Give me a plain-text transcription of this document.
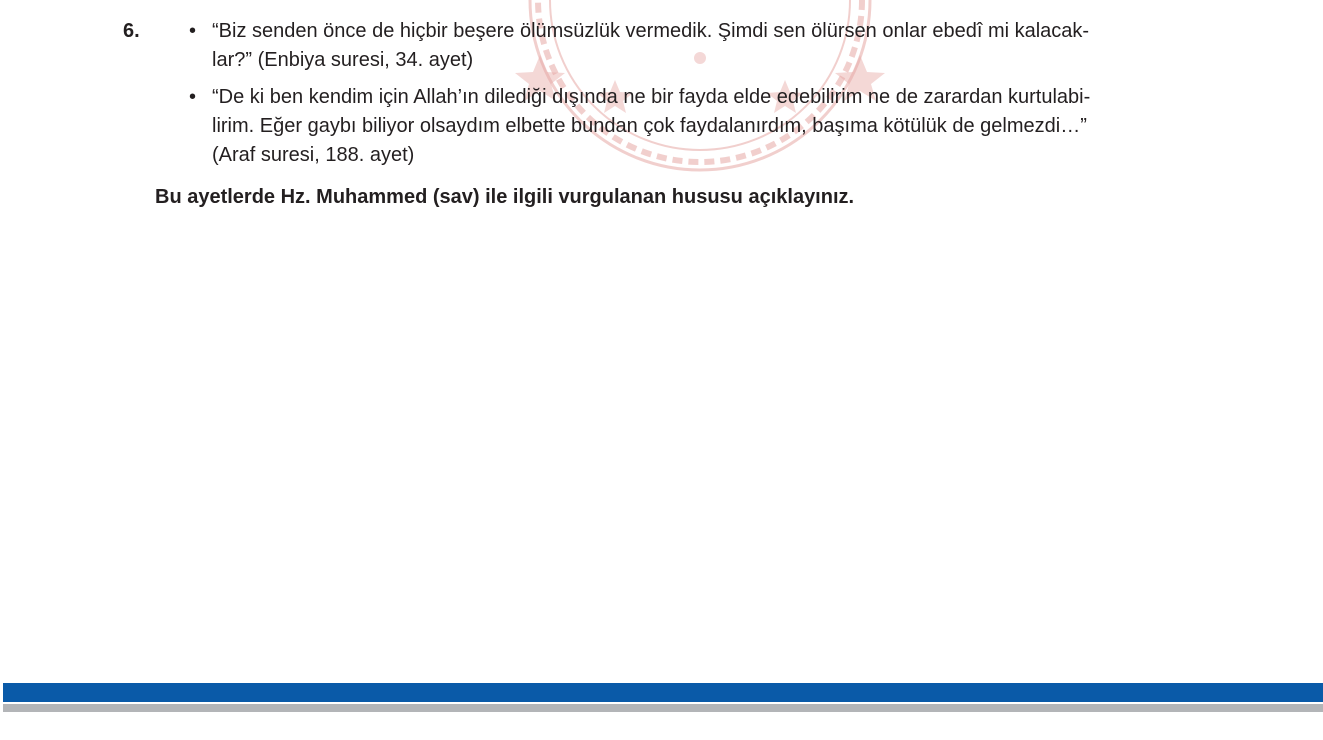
6. • “Biz senden önce de hiçbir beşere ölümsüzlük vermedik. Şimdi sen ölürsen onlar ebedî mi kalacak-
lar?” (Enbiya suresi, 34. ayet)
• “De ki ben kendim için Allah’ın dilediği dışında ne bir fayda elde edebilirim ne de zarardan kurtulabi-
lirim. Eğer gaybı biliyor olsaydım elbette bundan çok faydalanırdım, başıma kötülük de gelmezdi…”
(Araf suresi, 188. ayet)
Bu ayetlerde Hz. Muhammed (sav) ile ilgili vurgulanan hususu açıklayınız.
